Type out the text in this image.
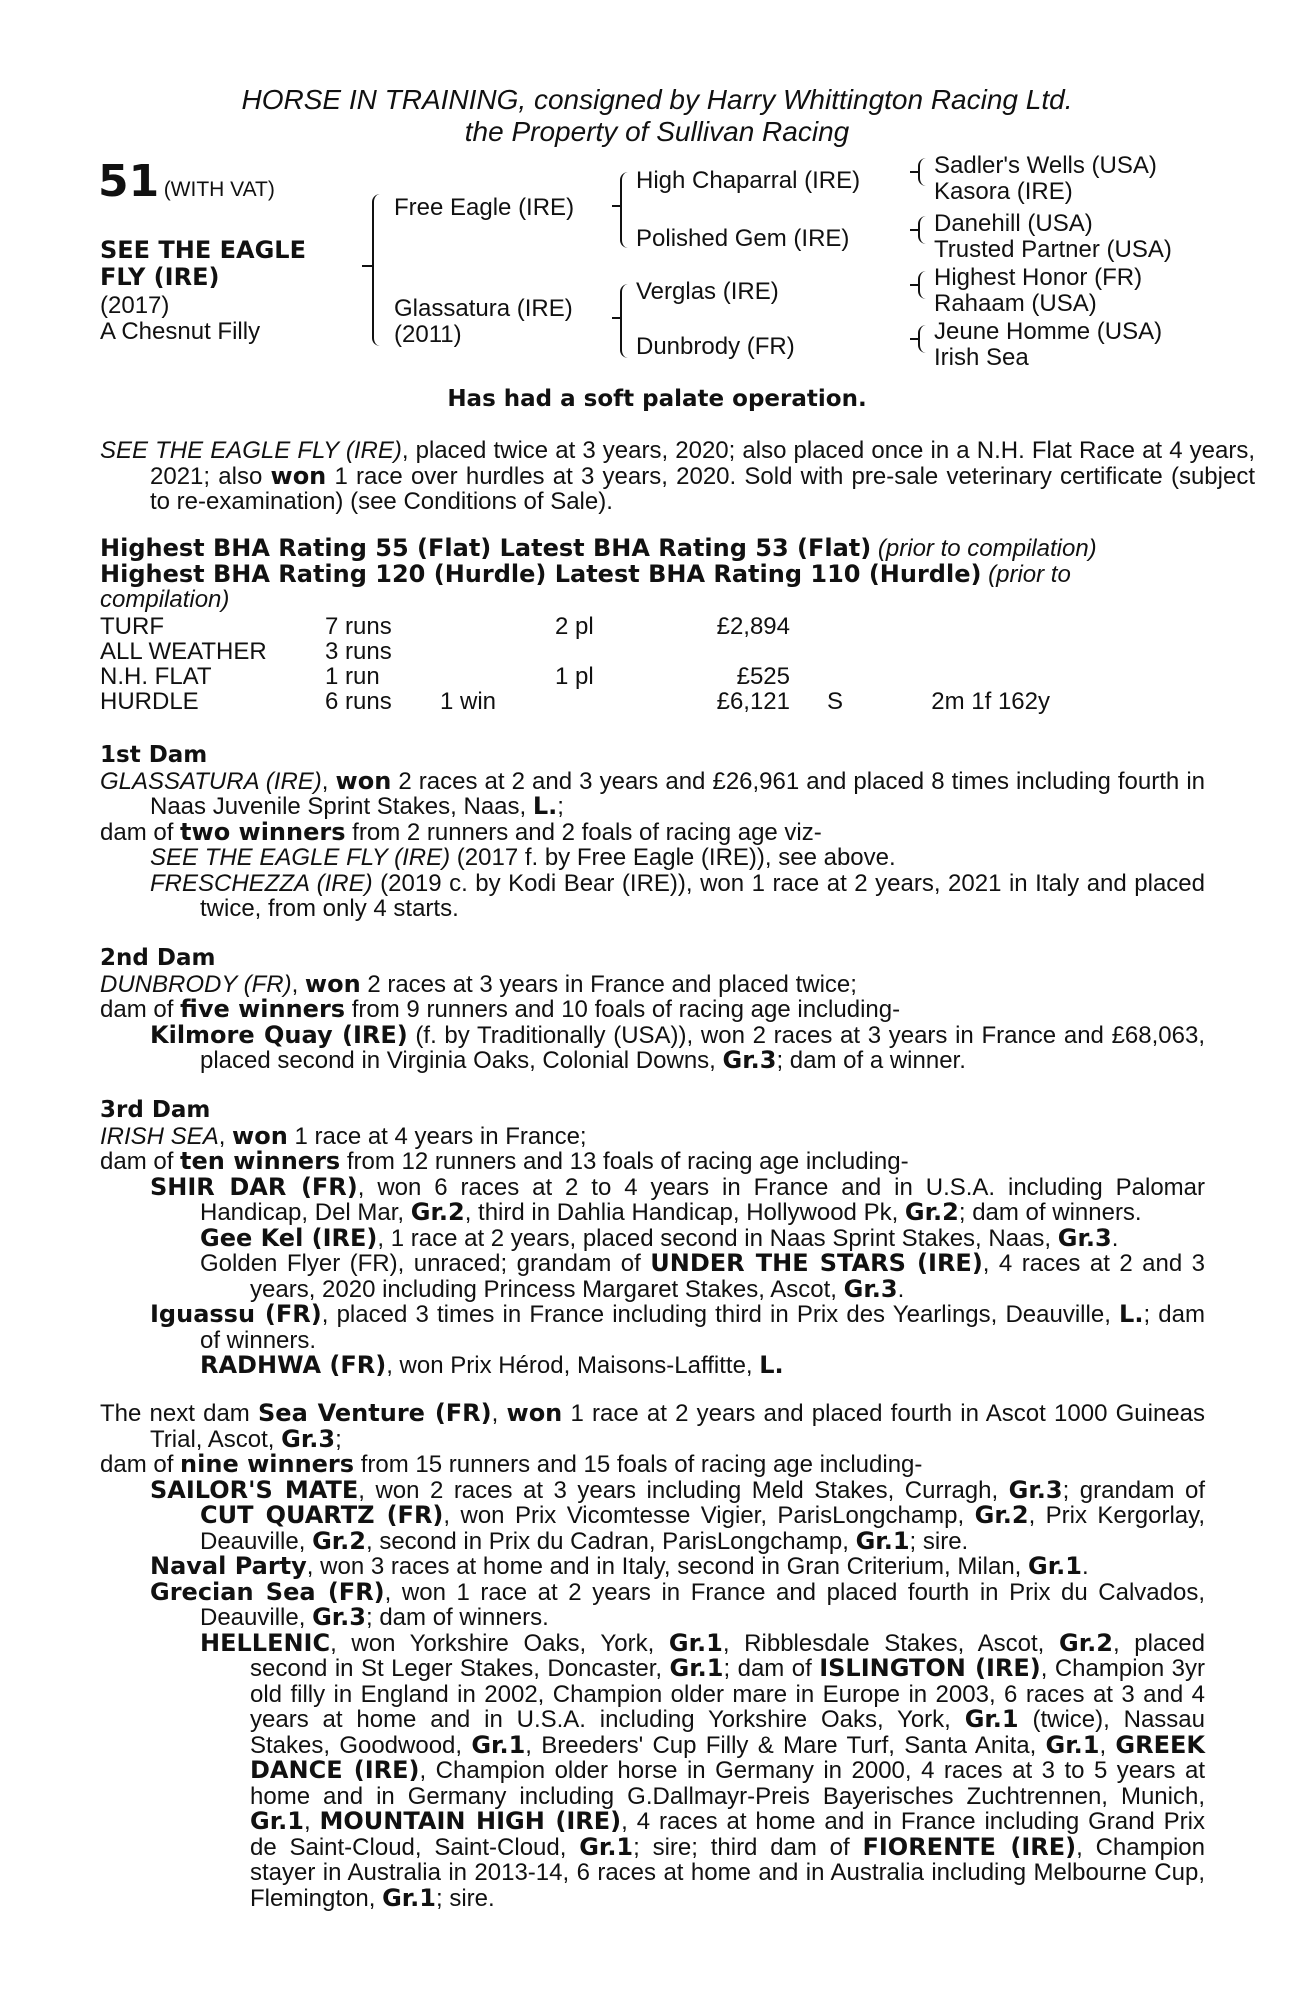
HORSE IN TRAINING, consigned by Harry Whittington Racing Ltd.
the Property of Sullivan Racing
51 (WITH VAT)
SEE THE EAGLE
FLY (IRE)
(2017)
A Chesnut Filly
Free Eagle (IRE)
Glassatura (IRE)
(2011)
High Chaparral (IRE)
Polished Gem (IRE)
Verglas (IRE)
Dunbrody (FR)
Sadler's Wells (USA)
Kasora (IRE)
Danehill (USA)
Trusted Partner (USA)
Highest Honor (FR)
Rahaam (USA)
Jeune Homme (USA)
Irish Sea
Has had a soft palate operation.
SEE THE EAGLE FLY (IRE), placed twice at 3 years, 2020; also placed once in a N.H. Flat Race at 4 years, 2021; also won 1 race over hurdles at 3 years, 2020. Sold with pre-sale veterinary certificate (subject to re-examination) (see Conditions of Sale).
Highest BHA Rating 55 (Flat) Latest BHA Rating 53 (Flat) (prior to compilation)
Highest BHA Rating 120 (Hurdle) Latest BHA Rating 110 (Hurdle) (prior to compilation)
TURF	7 runs		2 pl	£2,894		
ALL WEATHER	3 runs					
N.H. FLAT	1 run		1 pl	£525		
HURDLE	6 runs	1 win		£6,121	S	2m 1f 162y
1st Dam
GLASSATURA (IRE), won 2 races at 2 and 3 years and £26,961 and placed 8 times including fourth in Naas Juvenile Sprint Stakes, Naas, L.;
dam of two winners from 2 runners and 2 foals of racing age viz-
SEE THE EAGLE FLY (IRE) (2017 f. by Free Eagle (IRE)), see above.
FRESCHEZZA (IRE) (2019 c. by Kodi Bear (IRE)), won 1 race at 2 years, 2021 in Italy and placed twice, from only 4 starts.
2nd Dam
DUNBRODY (FR), won 2 races at 3 years in France and placed twice;
dam of five winners from 9 runners and 10 foals of racing age including-
Kilmore Quay (IRE) (f. by Traditionally (USA)), won 2 races at 3 years in France and £68,063, placed second in Virginia Oaks, Colonial Downs, Gr.3; dam of a winner.
3rd Dam
IRISH SEA, won 1 race at 4 years in France;
dam of ten winners from 12 runners and 13 foals of racing age including-
SHIR DAR (FR), won 6 races at 2 to 4 years in France and in U.S.A. including Palomar Handicap, Del Mar, Gr.2, third in Dahlia Handicap, Hollywood Pk, Gr.2; dam of winners.
Gee Kel (IRE), 1 race at 2 years, placed second in Naas Sprint Stakes, Naas, Gr.3.
Golden Flyer (FR), unraced; grandam of UNDER THE STARS (IRE), 4 races at 2 and 3 years, 2020 including Princess Margaret Stakes, Ascot, Gr.3.
Iguassu (FR), placed 3 times in France including third in Prix des Yearlings, Deauville, L.; dam of winners.
RADHWA (FR), won Prix Hérod, Maisons-Laffitte, L.
The next dam Sea Venture (FR), won 1 race at 2 years and placed fourth in Ascot 1000 Guineas Trial, Ascot, Gr.3;
dam of nine winners from 15 runners and 15 foals of racing age including-
SAILOR'S MATE, won 2 races at 3 years including Meld Stakes, Curragh, Gr.3; grandam of CUT QUARTZ (FR), won Prix Vicomtesse Vigier, ParisLongchamp, Gr.2, Prix Kergorlay, Deauville, Gr.2, second in Prix du Cadran, ParisLongchamp, Gr.1; sire.
Naval Party, won 3 races at home and in Italy, second in Gran Criterium, Milan, Gr.1.
Grecian Sea (FR), won 1 race at 2 years in France and placed fourth in Prix du Calvados, Deauville, Gr.3; dam of winners.
HELLENIC, won Yorkshire Oaks, York, Gr.1, Ribblesdale Stakes, Ascot, Gr.2, placed second in St Leger Stakes, Doncaster, Gr.1; dam of ISLINGTON (IRE), Champion 3yr old filly in England in 2002, Champion older mare in Europe in 2003, 6 races at 3 and 4 years at home and in U.S.A. including Yorkshire Oaks, York, Gr.1 (twice), Nassau Stakes, Goodwood, Gr.1, Breeders' Cup Filly & Mare Turf, Santa Anita, Gr.1, GREEK DANCE (IRE), Champion older horse in Germany in 2000, 4 races at 3 to 5 years at home and in Germany including G.Dallmayr-Preis Bayerisches Zuchtrennen, Munich, Gr.1, MOUNTAIN HIGH (IRE), 4 races at home and in France including Grand Prix de Saint-Cloud, Saint-Cloud, Gr.1; sire; third dam of FIORENTE (IRE), Champion stayer in Australia in 2013-14, 6 races at home and in Australia including Melbourne Cup, Flemington, Gr.1; sire.
